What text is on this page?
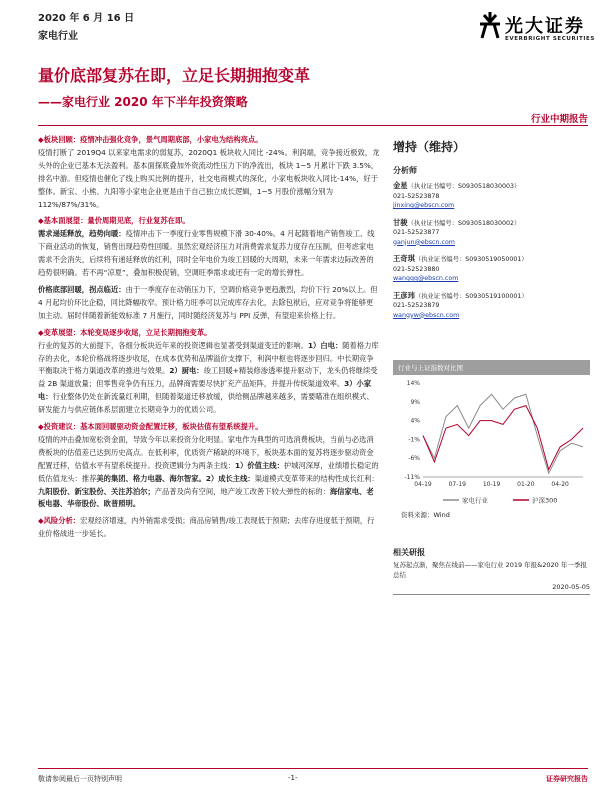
2020 年 6 月 16 日
家电行业	光大证券
EVERBRIGHT SECURITIES
量价底部复苏在即，立足长期拥抱变革
——家电行业 2020 年下半年投资策略
行业中期报告

◆板块回顾：疫情冲击强化竞争，景气周期底部，小家电为结构亮点。
疫情打断了 2019Q4 以来家电需求的弱复苏，2020Q1 板块收入同比 -24%。利润端，竞争接近极致，龙头外的企业已基本无法盈利。基本面探底叠加外资流动性压力下的净流出，板块 1~5 月累计下跌 3.5%，排名中游。但疫情也催化了线上购买比例的提升，社交电商模式的深化，小家电板块收入同比-14%，好于整体。新宝、小熊、九阳等小家电企业更是由于自己独立成长逻辑，1~5 月股价涨幅分别为 112%/87%/31%。

◆基本面展望：量价周期见底，行业复苏在即。
需求递延释放，趋势向暖：疫情冲击下一季度行业零售规模下滑 30-40%。4 月起随着地产销售竣工、线下商业活动的恢复，销售出现趋势性回暖。虽然宏观经济压力对消费需求复苏力度存在压制，但考虑家电需求不会消失，后续将有递延释放的红利，同时全年电价为竣工回暖的大周期，未来一年需求边际改善的趋势很明确。若不再“凉夏”，叠加积极促销，空调旺季需求或还有一定的增长弹性。

价格底部回暖，拐点临近：由于一季度存在动销压力下，空调价格竞争更趋激烈，均价下行 20%以上。但 4 月起均价环比企稳，同比降幅收窄。预计格力旺季可以完成库存去化，去除包袱后，应对竞争将能够更加主动。届时伴随着新能效标准 7 月施行，同时随经济复苏与 PPI 反弹，有望迎来价格上行。

◆变革展望：本轮变局逐步收尾，立足长期拥抱变革。
行业的复苏的大前提下，各细分板块近年来的投资逻辑也显著受到渠道变迁的影响。1）白电：随着格力库存的去化，本轮价格战将逐步收尾，在成本优势和品牌溢价支撑下，利润中枢也将逐步回归。中长期竞争平衡取决于格力渠道改革的推进与效果。2）厨电：竣工回暖+精装修渗透率提升驱动下，龙头仍将继续受益 2B 渠道放量；但零售竞争仍有压力，品牌商需要尽快扩充产品矩阵，并提升传统渠道效率。3）小家电：行业整体仍处在新流量红利期，但随着渠道迁移放缓，供给侧品牌越来越多，需要瞄准在组织模式、研发能力与供应链体系层面建立长期竞争力的优质公司。

◆投资建议：基本面回暖驱动资金配置迁移，板块估值有望系统提升。
疫情的冲击叠加宽松资金面，导致今年以来投资分化明显。家电作为典型的可选消费板块，当前与必选消费板块的估值差已达到历史高点。在低利率，优质资产稀缺的环境下，板块基本面的复苏将逐步驱动资金配置迁移，估值水平有望系统提升。投资逻辑分为两条主线：1）价值主线：护城河深厚，业绩增长稳定的低估值龙头：推荐美的集团、格力电器、海尔智家。2）成长主线：渠道模式变革带来的结构性成长红利：九阳股份、新宝股份、关注苏泊尔；产品普及尚有空间，地产竣工改善下较大弹性的标的：海信家电、老板电器、华帝股份、欧普照明。

◆风险分析：宏观经济增速，内外销需求受损；商品房销售/竣工表现低于预期；去库存进度低于预期，行业价格战进一步延长。

增持（维持）
分析师
金星（执业证书编号：S0930518030003）
021-52523878
jinxing@ebscn.com
甘骏（执业证书编号：S0930518030002）
021-52523877
ganjun@ebscn.com
王奇琪（执业证书编号：S0930519050001）
021-52523880
wangqq@ebscn.com
王彦玮（执业证书编号：S0930519100001）
021-52523879
wangyw@ebscn.com
行业与上证指数对比图
14%
9%
4%
-1%
-6%
-11%
04-19	07-19	10-19	01-20	04-20
家电行业	沪深300
资料来源：Wind
相关研报
复苏起点渐，聚焦在线前——家电行业 2019 年报&2020 年一季报总结
2020-05-05
敬请参阅最后一页特别声明	-1-	证券研究报告
